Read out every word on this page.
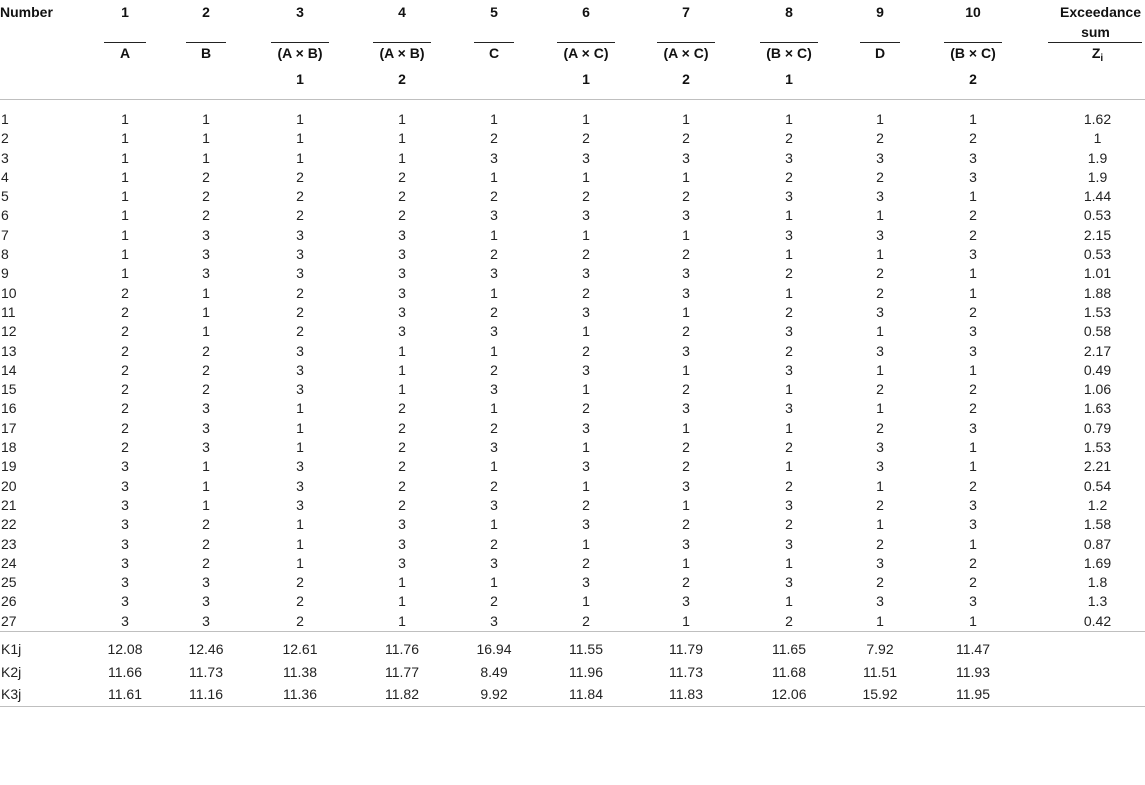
Number	1	2	3	4	5	6	7	8	9	10	Exceedance
sum

	A	B	(A × B)	(A × B)	C	(A × C)	(A × C)	(B × C)	D	(B × C)	$Z_i$
			1	2		1	2	1		2	

1	1	1	1	1	1	1	1	1	1	1	1.62
2	1	1	1	1	2	2	2	2	2	2	1
3	1	1	1	1	3	3	3	3	3	3	1.9
4	1	2	2	2	1	1	1	2	2	3	1.9
5	1	2	2	2	2	2	2	3	3	1	1.44
6	1	2	2	2	3	3	3	1	1	2	0.53
7	1	3	3	3	1	1	1	3	3	2	2.15
8	1	3	3	3	2	2	2	1	1	3	0.53
9	1	3	3	3	3	3	3	2	2	1	1.01
10	2	1	2	3	1	2	3	1	2	1	1.88
11	2	1	2	3	2	3	1	2	3	2	1.53
12	2	1	2	3	3	1	2	3	1	3	0.58
13	2	2	3	1	1	2	3	2	3	3	2.17
14	2	2	3	1	2	3	1	3	1	1	0.49
15	2	2	3	1	3	1	2	1	2	2	1.06
16	2	3	1	2	1	2	3	3	1	2	1.63
17	2	3	1	2	2	3	1	1	2	3	0.79
18	2	3	1	2	3	1	2	2	3	1	1.53
19	3	1	3	2	1	3	2	1	3	1	2.21
20	3	1	3	2	2	1	3	2	1	2	0.54
21	3	1	3	2	3	2	1	3	2	3	1.2
22	3	2	1	3	1	3	2	2	1	3	1.58
23	3	2	1	3	2	1	3	3	2	1	0.87
24	3	2	1	3	3	2	1	1	3	2	1.69
25	3	3	2	1	1	3	2	3	2	2	1.8
26	3	3	2	1	2	1	3	1	3	3	1.3
27	3	3	2	1	3	2	1	2	1	1	0.42

K1j	12.08	12.46	12.61	11.76	16.94	11.55	11.79	11.65	7.92	11.47	
K2j	11.66	11.73	11.38	11.77	8.49	11.96	11.73	11.68	11.51	11.93	
K3j	11.61	11.16	11.36	11.82	9.92	11.84	11.83	12.06	15.92	11.95	
